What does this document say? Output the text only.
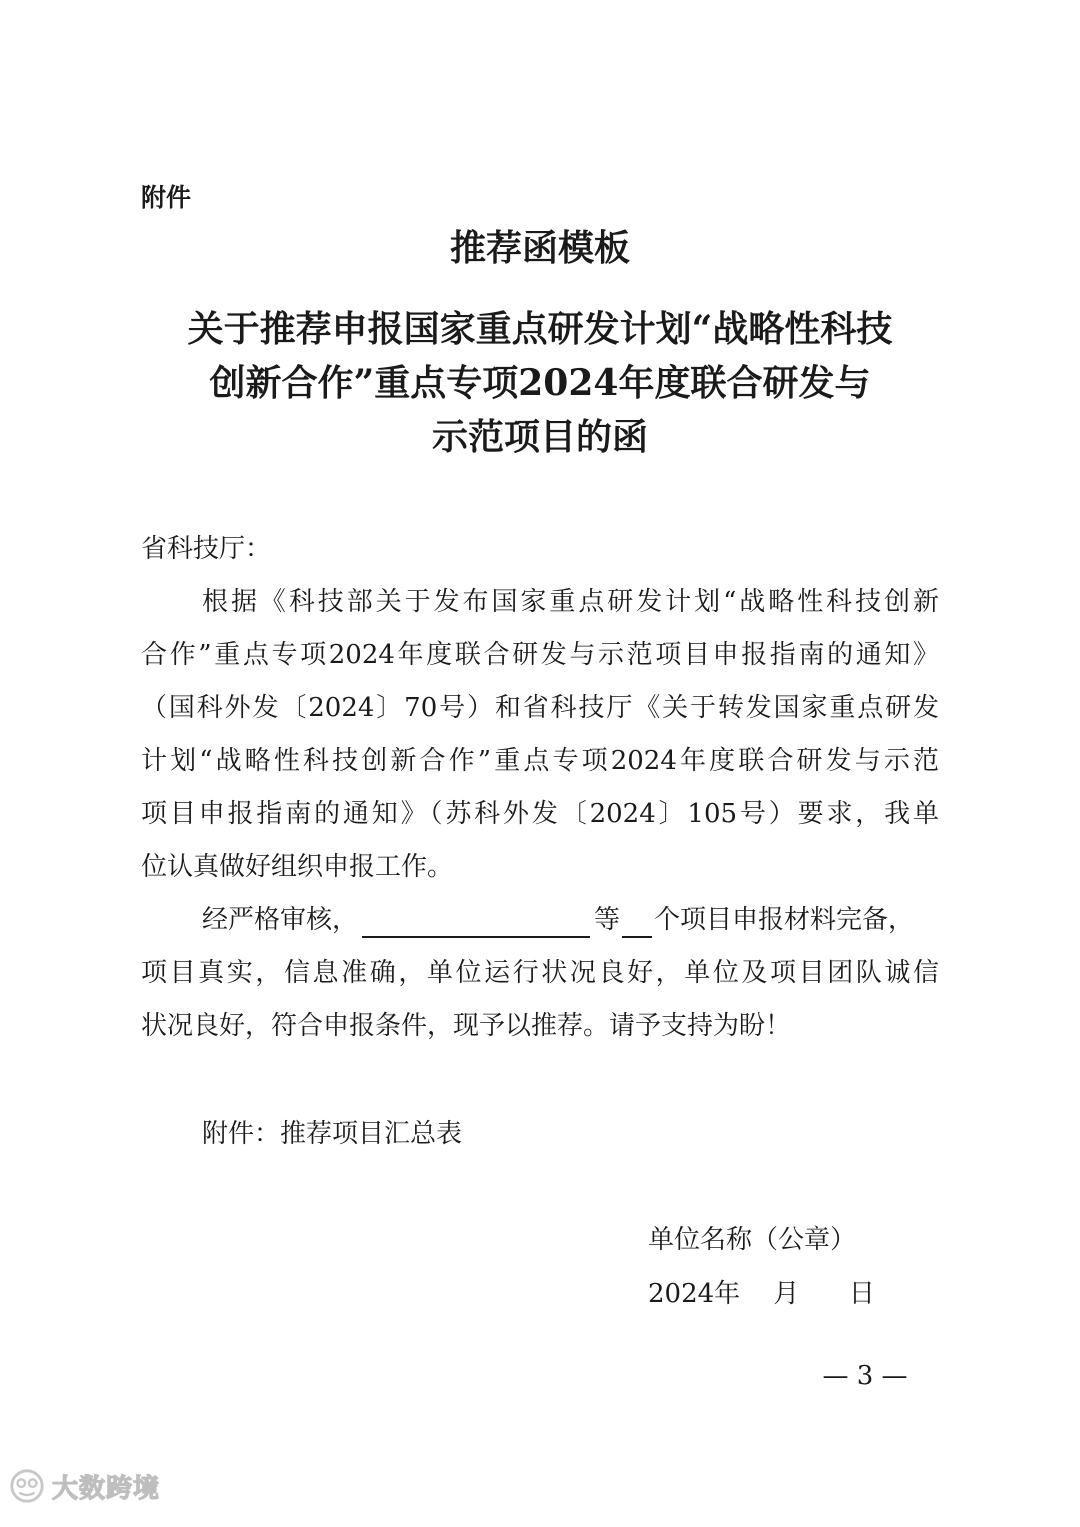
附件
推荐函模板
关于推荐申报国家重点研发计划“战略性科技
创新合作”重点专项2024年度联合研发与
示范项目的函
省科技厅：
根据《科技部关于发布国家重点研发计划“战略性科技创新
合作”重点专项2024年度联合研发与示范项目申报指南的通知》
（国科外发〔2024〕70号）和省科技厅《关于转发国家重点研发
计划“战略性科技创新合作”重点专项2024年度联合研发与示范
项目申报指南的通知》（苏科外发〔2024〕105号）要求，我单
位认真做好组织申报工作。
经严格审核，	等 个项目申报材料完备，
项目真实，信息准确，单位运行状况良好，单位及项目团队诚信
状况良好，符合申报条件，现予以推荐。请予支持为盼！
附件：推荐项目汇总表
单位名称（公章）
2024年    月      日
— 3 —
大数跨境
